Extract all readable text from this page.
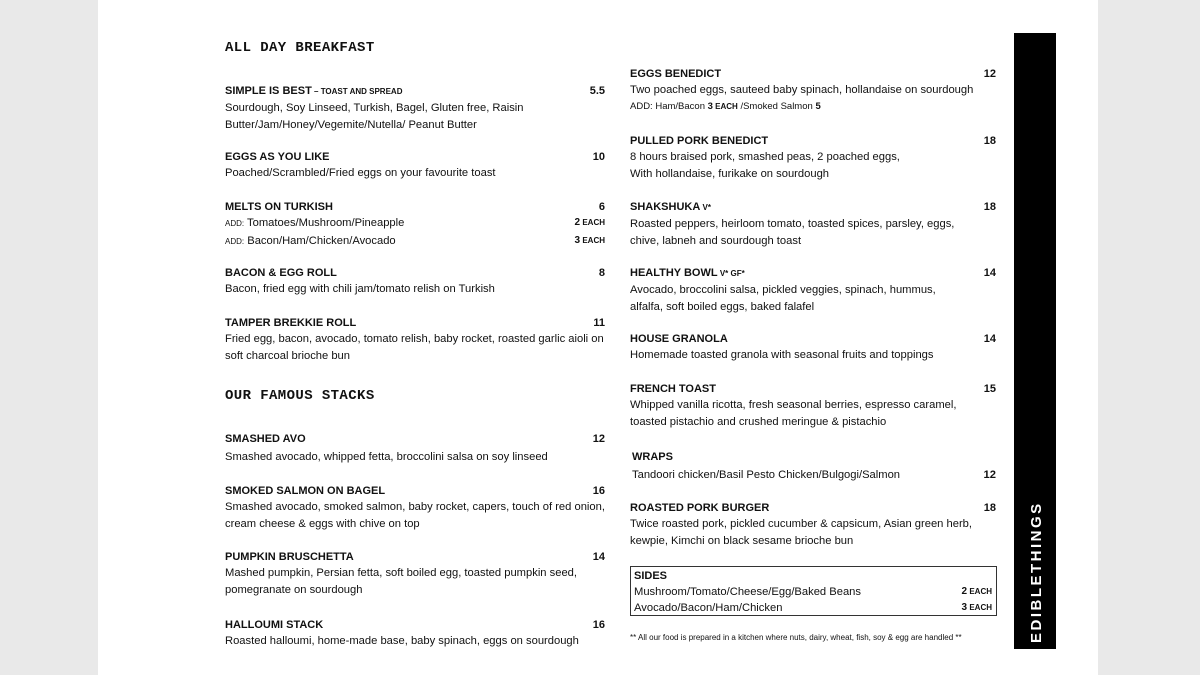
ALL DAY BREAKFAST
SIMPLE IS BEST – TOAST AND SPREAD	5.5
Sourdough, Soy Linseed, Turkish, Bagel, Gluten free, Raisin Butter/Jam/Honey/Vegemite/Nutella/ Peanut Butter
EGGS AS YOU LIKE	10
Poached/Scrambled/Fried eggs on your favourite toast
MELTS ON TURKISH	6
ADD: Tomatoes/Mushroom/Pineapple	2 EACH
ADD: Bacon/Ham/Chicken/Avocado	3 EACH
BACON & EGG ROLL	8
Bacon, fried egg with chili jam/tomato relish on Turkish
TAMPER BREKKIE ROLL	11
Fried egg, bacon, avocado, tomato relish, baby rocket, roasted garlic aioli on soft charcoal brioche bun
OUR FAMOUS STACKS
SMASHED AVO	12
Smashed avocado, whipped fetta, broccolini salsa on soy linseed
SMOKED SALMON ON BAGEL	16
Smashed avocado, smoked salmon, baby rocket, capers, touch of red onion, cream cheese & eggs with chive on top
PUMPKIN BRUSCHETTA	14
Mashed pumpkin, Persian fetta, soft boiled egg, toasted pumpkin seed, pomegranate on sourdough
HALLOUMI STACK	16
Roasted halloumi, home-made base, baby spinach, eggs on sourdough
EGGS BENEDICT	12
Two poached eggs, sauteed baby spinach, hollandaise on sourdough
ADD: Ham/Bacon 3 EACH /Smoked Salmon 5
PULLED PORK BENEDICT	18
8 hours braised pork, smashed peas, 2 poached eggs,
With hollandaise, furikake on sourdough
SHAKSHUKA V*	18
Roasted peppers, heirloom tomato, toasted spices, parsley, eggs, chive, labneh and sourdough toast
HEALTHY BOWL V* GF*	14
Avocado, broccolini salsa, pickled veggies, spinach, hummus, alfalfa, soft boiled eggs, baked falafel
HOUSE GRANOLA	14
Homemade toasted granola with seasonal fruits and toppings
FRENCH TOAST	15
Whipped vanilla ricotta, fresh seasonal berries, espresso caramel, toasted pistachio and crushed meringue & pistachio
WRAPS
Tandoori chicken/Basil Pesto Chicken/Bulgogi/Salmon	12
ROASTED PORK BURGER	18
Twice roasted pork, pickled cucumber & capsicum, Asian green herb, kewpie, Kimchi on black sesame brioche bun
SIDES
Mushroom/Tomato/Cheese/Egg/Baked Beans	2 EACH
Avocado/Bacon/Ham/Chicken	3 EACH
** All our food is prepared in a kitchen where nuts, dairy, wheat, fish, soy & egg are handled **	EDIBLETHINGS
